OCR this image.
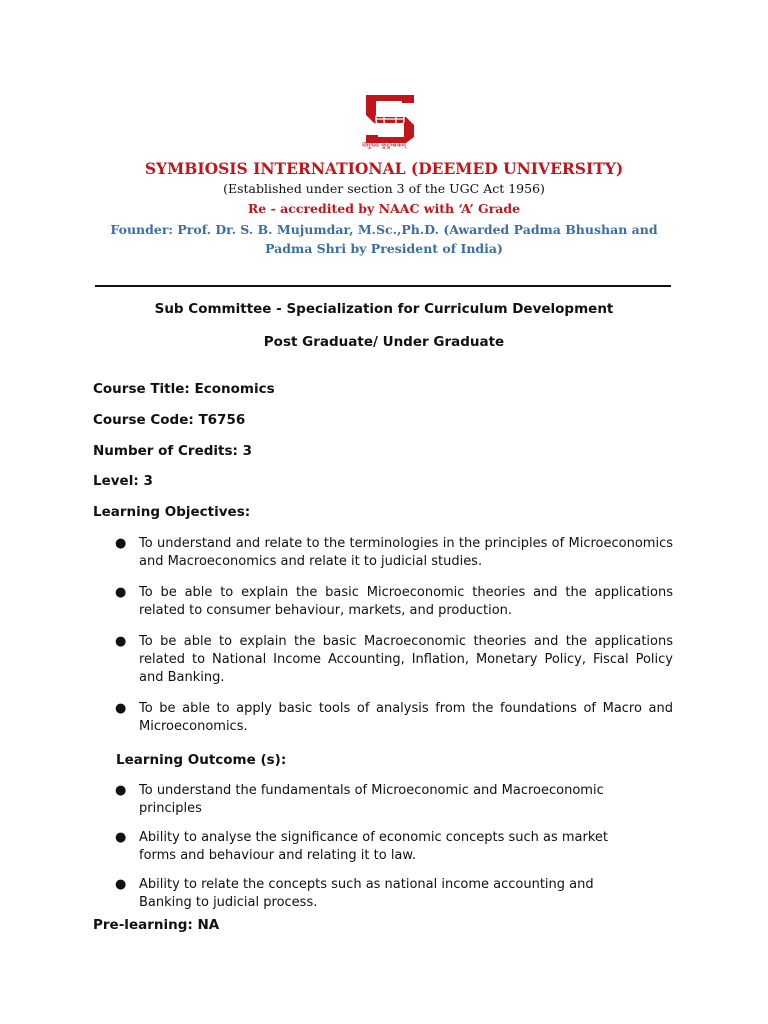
वसुधैव कुटुम्बकम्
SYMBIOSIS INTERNATIONAL (DEEMED UNIVERSITY)
(Established under section 3 of the UGC Act 1956)
Re - accredited by NAAC with ‘A’ Grade
Founder: Prof. Dr. S. B. Mujumdar, M.Sc.,Ph.D. (Awarded Padma Bhushan and
Padma Shri by President of India)
Sub Committee - Specialization for Curriculum Development
Post Graduate/ Under Graduate
Course Title: Economics
Course Code: T6756
Number of Credits: 3
Level: 3
Learning Objectives:
● To understand and relate to the terminologies in the principles of Microeconomics and Macroeconomics and relate it to judicial studies.
● To be able to explain the basic Microeconomic theories and the applications related to consumer behaviour, markets, and production.
● To be able to explain the basic Macroeconomic theories and the applications related to National Income Accounting, Inflation, Monetary Policy, Fiscal Policy and Banking.
● To be able to apply basic tools of analysis from the foundations of Macro and Microeconomics.
Learning Outcome (s):
● To understand the fundamentals of Microeconomic and Macroeconomic principles
● Ability to analyse the significance of economic concepts such as market forms and behaviour and relating it to law.
● Ability to relate the concepts such as national income accounting and Banking to judicial process.
Pre-learning: NA
